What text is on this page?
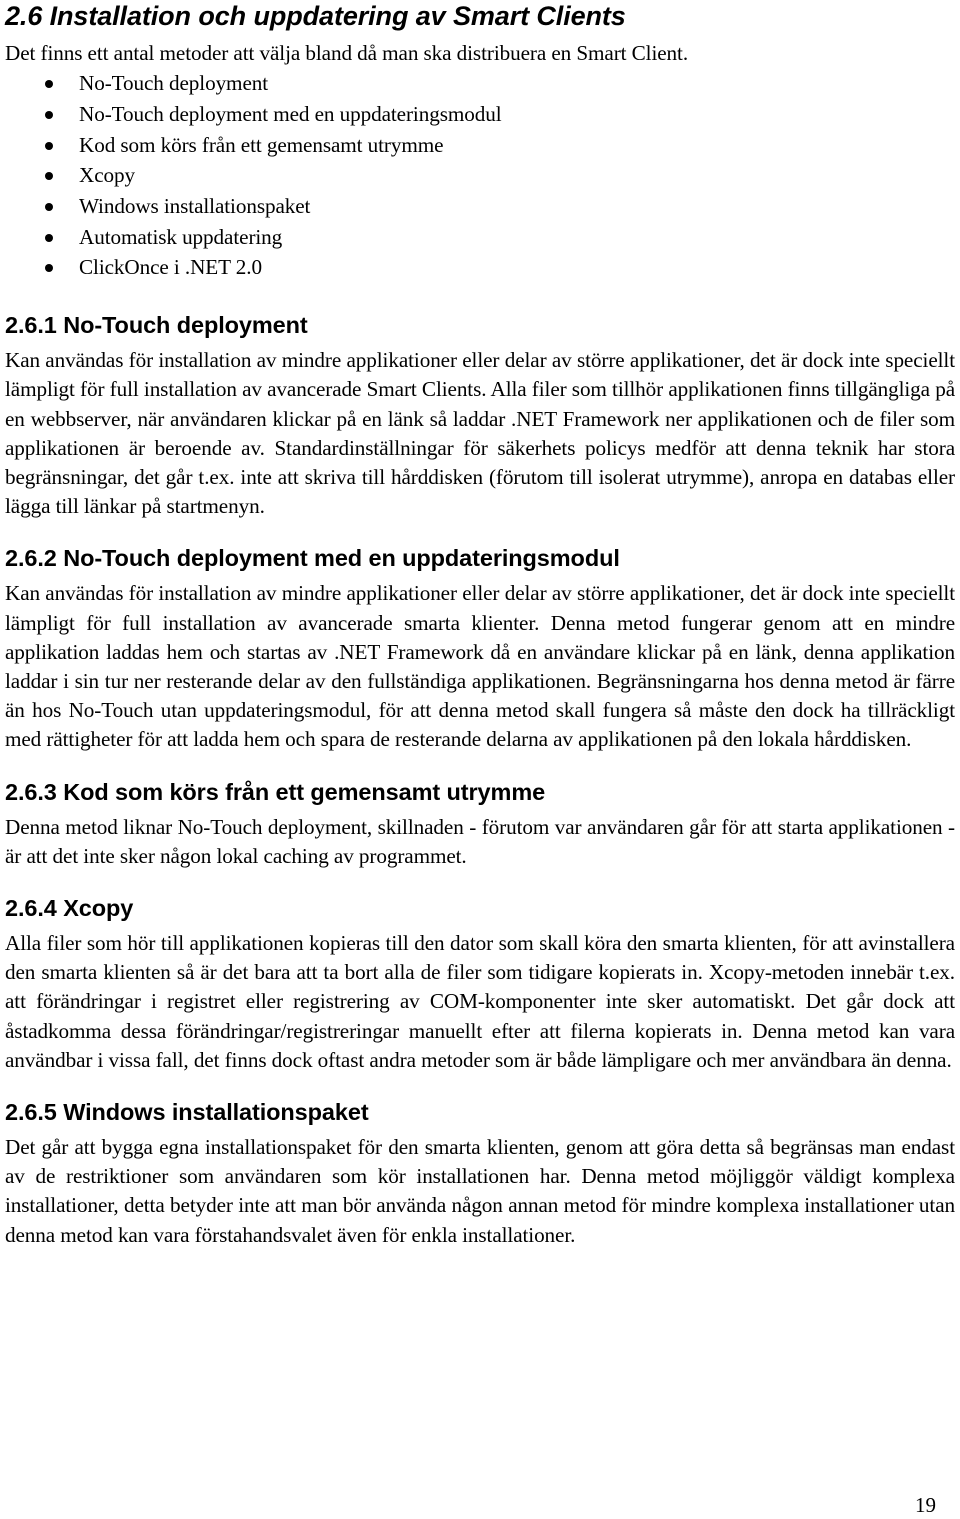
2.6 Installation och uppdatering av Smart Clients

Det finns ett antal metoder att välja bland då man ska distribuera en Smart Client.

No-Touch deployment
No-Touch deployment med en uppdateringsmodul
Kod som körs från ett gemensamt utrymme
Xcopy
Windows installationspaket
Automatisk uppdatering
ClickOnce i .NET 2.0
2.6.1 No-Touch deployment

Kan användas för installation av mindre applikationer eller delar av större applikationer, det är dock inte speciellt lämpligt för full installation av avancerade Smart Clients. Alla filer som tillhör applikationen finns tillgängliga på en webbserver, när användaren klickar på en länk så laddar .NET Framework ner applikationen och de filer som applikationen är beroende av. Standardinställningar för säkerhets policys medför att denna teknik har stora begränsningar, det går t.ex. inte att skriva till hårddisken (förutom till isolerat utrymme), anropa en databas eller lägga till länkar på startmenyn.

2.6.2 No-Touch deployment med en uppdateringsmodul

Kan användas för installation av mindre applikationer eller delar av större applikationer, det är dock inte speciellt lämpligt för full installation av avancerade smarta klienter. Denna metod fungerar genom att en mindre applikation laddas hem och startas av .NET Framework då en användare klickar på en länk, denna applikation laddar i sin tur ner resterande delar av den fullständiga applikationen. Begränsningarna hos denna metod är färre än hos No-Touch utan uppdateringsmodul, för att denna metod skall fungera så måste den dock ha tillräckligt med rättigheter för att ladda hem och spara de resterande delarna av applikationen på den lokala hårddisken.

2.6.3 Kod som körs från ett gemensamt utrymme

Denna metod liknar No-Touch deployment, skillnaden - förutom var användaren går för att starta applikationen - är att det inte sker någon lokal caching av programmet.

2.6.4 Xcopy

Alla filer som hör till applikationen kopieras till den dator som skall köra den smarta klienten, för att avinstallera den smarta klienten så är det bara att ta bort alla de filer som tidigare kopierats in. Xcopy-metoden innebär t.ex. att förändringar i registret eller registrering av COM-komponenter inte sker automatiskt. Det går dock att åstadkomma dessa förändringar/registreringar manuellt efter att filerna kopierats in. Denna metod kan vara användbar i vissa fall, det finns dock oftast andra metoder som är både lämpligare och mer användbara än denna.

2.6.5 Windows installationspaket

Det går att bygga egna installationspaket för den smarta klienten, genom att göra detta så begränsas man endast av de restriktioner som användaren som kör installationen har. Denna metod möjliggör väldigt komplexa installationer, detta betyder inte att man bör använda någon annan metod för mindre komplexa installationer utan denna metod kan vara förstahandsvalet även för enkla installationer.

19
